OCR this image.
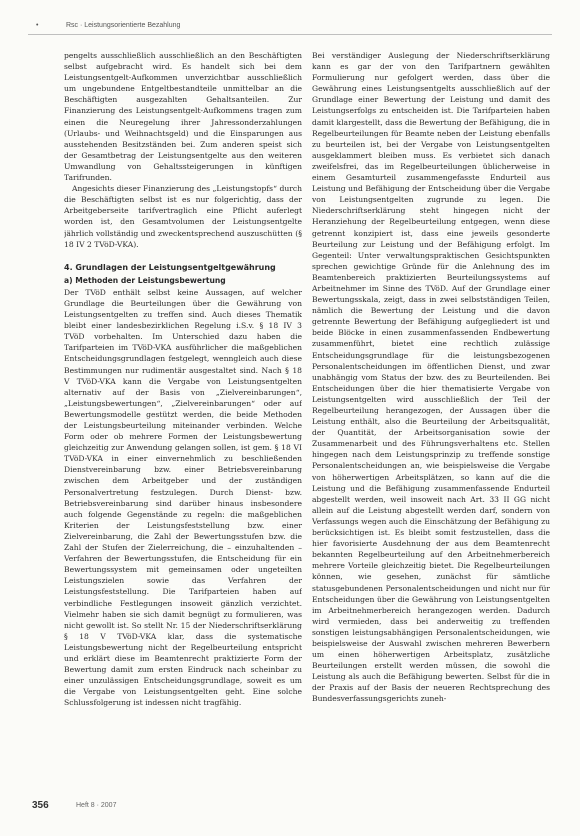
•	Rsc · Leistungsorientierte Bezahlung

pengelts ausschließlich ausschließlich an den Beschäftigten selbst aufgebracht wird. Es handelt sich bei dem Leistungsentgelt-Aufkommen unverzichtbar ausschließlich um ungebundene Entgeltbestandteile unmittelbar an die Beschäftigten ausgezahlten Gehaltsanteilen. Zur Finanzierung des Leistungsentgelt-Aufkommens tragen zum einen die Neuregelung ihrer Jahressonderzahlungen (Urlaubs- und Weihnachtsgeld) und die Einsparungen aus ausstehenden Besitzständen bei. Zum anderen speist sich der Gesamtbetrag der Leistungsentgelte aus den weiteren Umwandlung von Gehaltssteigerungen in künftigen Tarifrunden.

Angesichts dieser Finanzierung des „Leistungstopfs“ durch die Beschäftigten selbst ist es nur folgerichtig, dass der Arbeitgeberseite tarifvertraglich eine Pflicht auferlegt worden ist, den Gesamtvolumen der Leistungsentgelte jährlich vollständig und zweckentsprechend auszuschütten (§ 18 IV 2 TVöD-VKA).

4. Grundlagen der Leistungsentgeltgewährung
a) Methoden der Leistungsbewertung

Der TVöD enthält selbst keine Aussagen, auf welcher Grundlage die Beurteilungen über die Gewährung von Leistungsentgelten zu treffen sind. Auch dieses Thematik bleibt einer landesbezirklichen Regelung i.S.v. § 18 IV 3 TVöD vorbehalten. Im Unterschied dazu haben die Tarifparteien im TVöD-VKA ausführlicher die maßgeblichen Entscheidungsgrundlagen festgelegt, wenngleich auch diese Bestimmungen nur rudimentär ausgestaltet sind. Nach § 18 V TVöD-VKA kann die Vergabe von Leistungsentgelten alternativ auf der Basis von „Zielvereinbarungen“, „Leistungsbewertungen“, „Zielvereinbarungen“ oder auf Bewertungsmodelle gestützt werden, die beide Methoden der Leistungsbeurteilung miteinander verbinden. Welche Form oder ob mehrere Formen der Leistungsbewertung gleichzeitig zur Anwendung gelangen sollen, ist gem. § 18 VI TVöD-VKA in einer einvernehmlich zu beschließenden Dienstvereinbarung bzw. einer Betriebsvereinbarung zwischen dem Arbeitgeber und der zuständigen Personalvertretung festzulegen. Durch Dienst- bzw. Betriebsvereinbarung sind darüber hinaus insbesondere auch folgende Gegenstände zu regeln: die maßgeblichen Kriterien der Leistungsfeststellung bzw. einer Zielvereinbarung, die Zahl der Bewertungsstufen bzw. die Zahl der Stufen der Zielerreichung, die – einzuhaltenden – Verfahren der Bewertungsstufen, die Entscheidung für ein Bewertungssystem mit gemeinsamen oder ungeteilten Leistungszielen sowie das Verfahren der Leistungsfeststellung. Die Tarifparteien haben auf verbindliche Festlegungen insoweit gänzlich verzichtet. Vielmehr haben sie sich damit begnügt zu formulieren, was nicht gewollt ist. So stellt Nr. 15 der Niederschriftserklärung § 18 V TVöD-VKA klar, dass die systematische Leistungsbewertung nicht der Regelbeurteilung entspricht und erklärt diese im Beamtenrecht praktizierte Form der Bewertung damit zum ersten Eindruck nach scheinbar zu einer unzulässigen Entscheidungsgrundlage, soweit es um die Vergabe von Leistungsentgelten geht. Eine solche Schlussfolgerung ist indessen nicht tragfähig.

Bei verständiger Auslegung der Niederschriftserklärung kann es gar der von den Tarifpartnern gewählten Formulierung nur gefolgert werden, dass über die Gewährung eines Leistungsentgelts ausschließlich auf der Grundlage einer Bewertung der Leistung und damit des Leistungserfolgs zu entscheiden ist. Die Tarifparteien haben damit klargestellt, dass die Bewertung der Befähigung, die in Regelbeurteilungen für Beamte neben der Leistung ebenfalls zu beurteilen ist, bei der Vergabe von Leistungsentgelten ausgeklammert bleiben muss. Es verbietet sich danach zweifelsfrei, das im Regelbeurteilungen üblicherweise in einem Gesamturteil zusammengefasste Endurteil aus Leistung und Befähigung der Entscheidung über die Vergabe von Leistungsentgelten zugrunde zu legen. Die Niederschriftserklärung steht hingegen nicht der Heranziehung der Regelbeurteilung entgegen, wenn diese getrennt konzipiert ist, dass eine jeweils gesonderte Beurteilung zur Leistung und der Befähigung erfolgt. Im Gegenteil: Unter verwaltungspraktischen Gesichtspunkten sprechen gewichtige Gründe für die Anlehnung des im Beamtenbereich praktizierten Beurteilungssystems auf Arbeitnehmer im Sinne des TVöD. Auf der Grundlage einer Bewertungsskala, zeigt, dass in zwei selbstständigen Teilen, nämlich die Bewertung der Leistung und die davon getrennte Bewertung der Befähigung aufgegliedert ist und beide Blöcke in einen zusammenfassenden Endbewertung zusammenführt, bietet eine rechtlich zulässige Entscheidungsgrundlage für die leistungsbezogenen Personalentscheidungen im öffentlichen Dienst, und zwar unabhängig vom Status der bzw. des zu Beurteilenden. Bei Entscheidungen über die hier thematisierte Vergabe von Leistungsentgelten wird ausschließlich der Teil der Regelbeurteilung herangezogen, der Aussagen über die Leistung enthält, also die Beurteilung der Arbeitsqualität, der Quantität, der Arbeitsorganisation sowie der Zusammenarbeit und des Führungsverhaltens etc. Stellen hingegen nach dem Leistungsprinzip zu treffende sonstige Personalentscheidungen an, wie beispielsweise die Vergabe von höherwertigen Arbeitsplätzen, so kann auf die die Leistung und die Befähigung zusammenfassende Endurteil abgestellt werden, weil insoweit nach Art. 33 II GG nicht allein auf die Leistung abgestellt werden darf, sondern von Verfassungs wegen auch die Einschätzung der Befähigung zu berücksichtigen ist. Es bleibt somit festzustellen, dass die hier favorisierte Ausdehnung der aus dem Beamtenrecht bekannten Regelbeurteilung auf den Arbeitnehmerbereich mehrere Vorteile gleichzeitig bietet. Die Regelbeurteilungen können, wie gesehen, zunächst für sämtliche statusgebundenen Personalentscheidungen und nicht nur für Entscheidungen über die Gewährung von Leistungsentgelten im Arbeitnehmerbereich herangezogen werden. Dadurch wird vermieden, dass bei anderweitig zu treffenden sonstigen leistungsabhängigen Personalentscheidungen, wie beispielsweise der Auswahl zwischen mehreren Bewerbern um einen höherwertigen Arbeitsplatz, zusätzliche Beurteilungen erstellt werden müssen, die sowohl die Leistung als auch die Befähigung bewerten. Selbst für die in der Praxis auf der Basis der neueren Rechtsprechung des Bundesverfassungsgerichts zuneh-

356	Heft 8 · 2007
